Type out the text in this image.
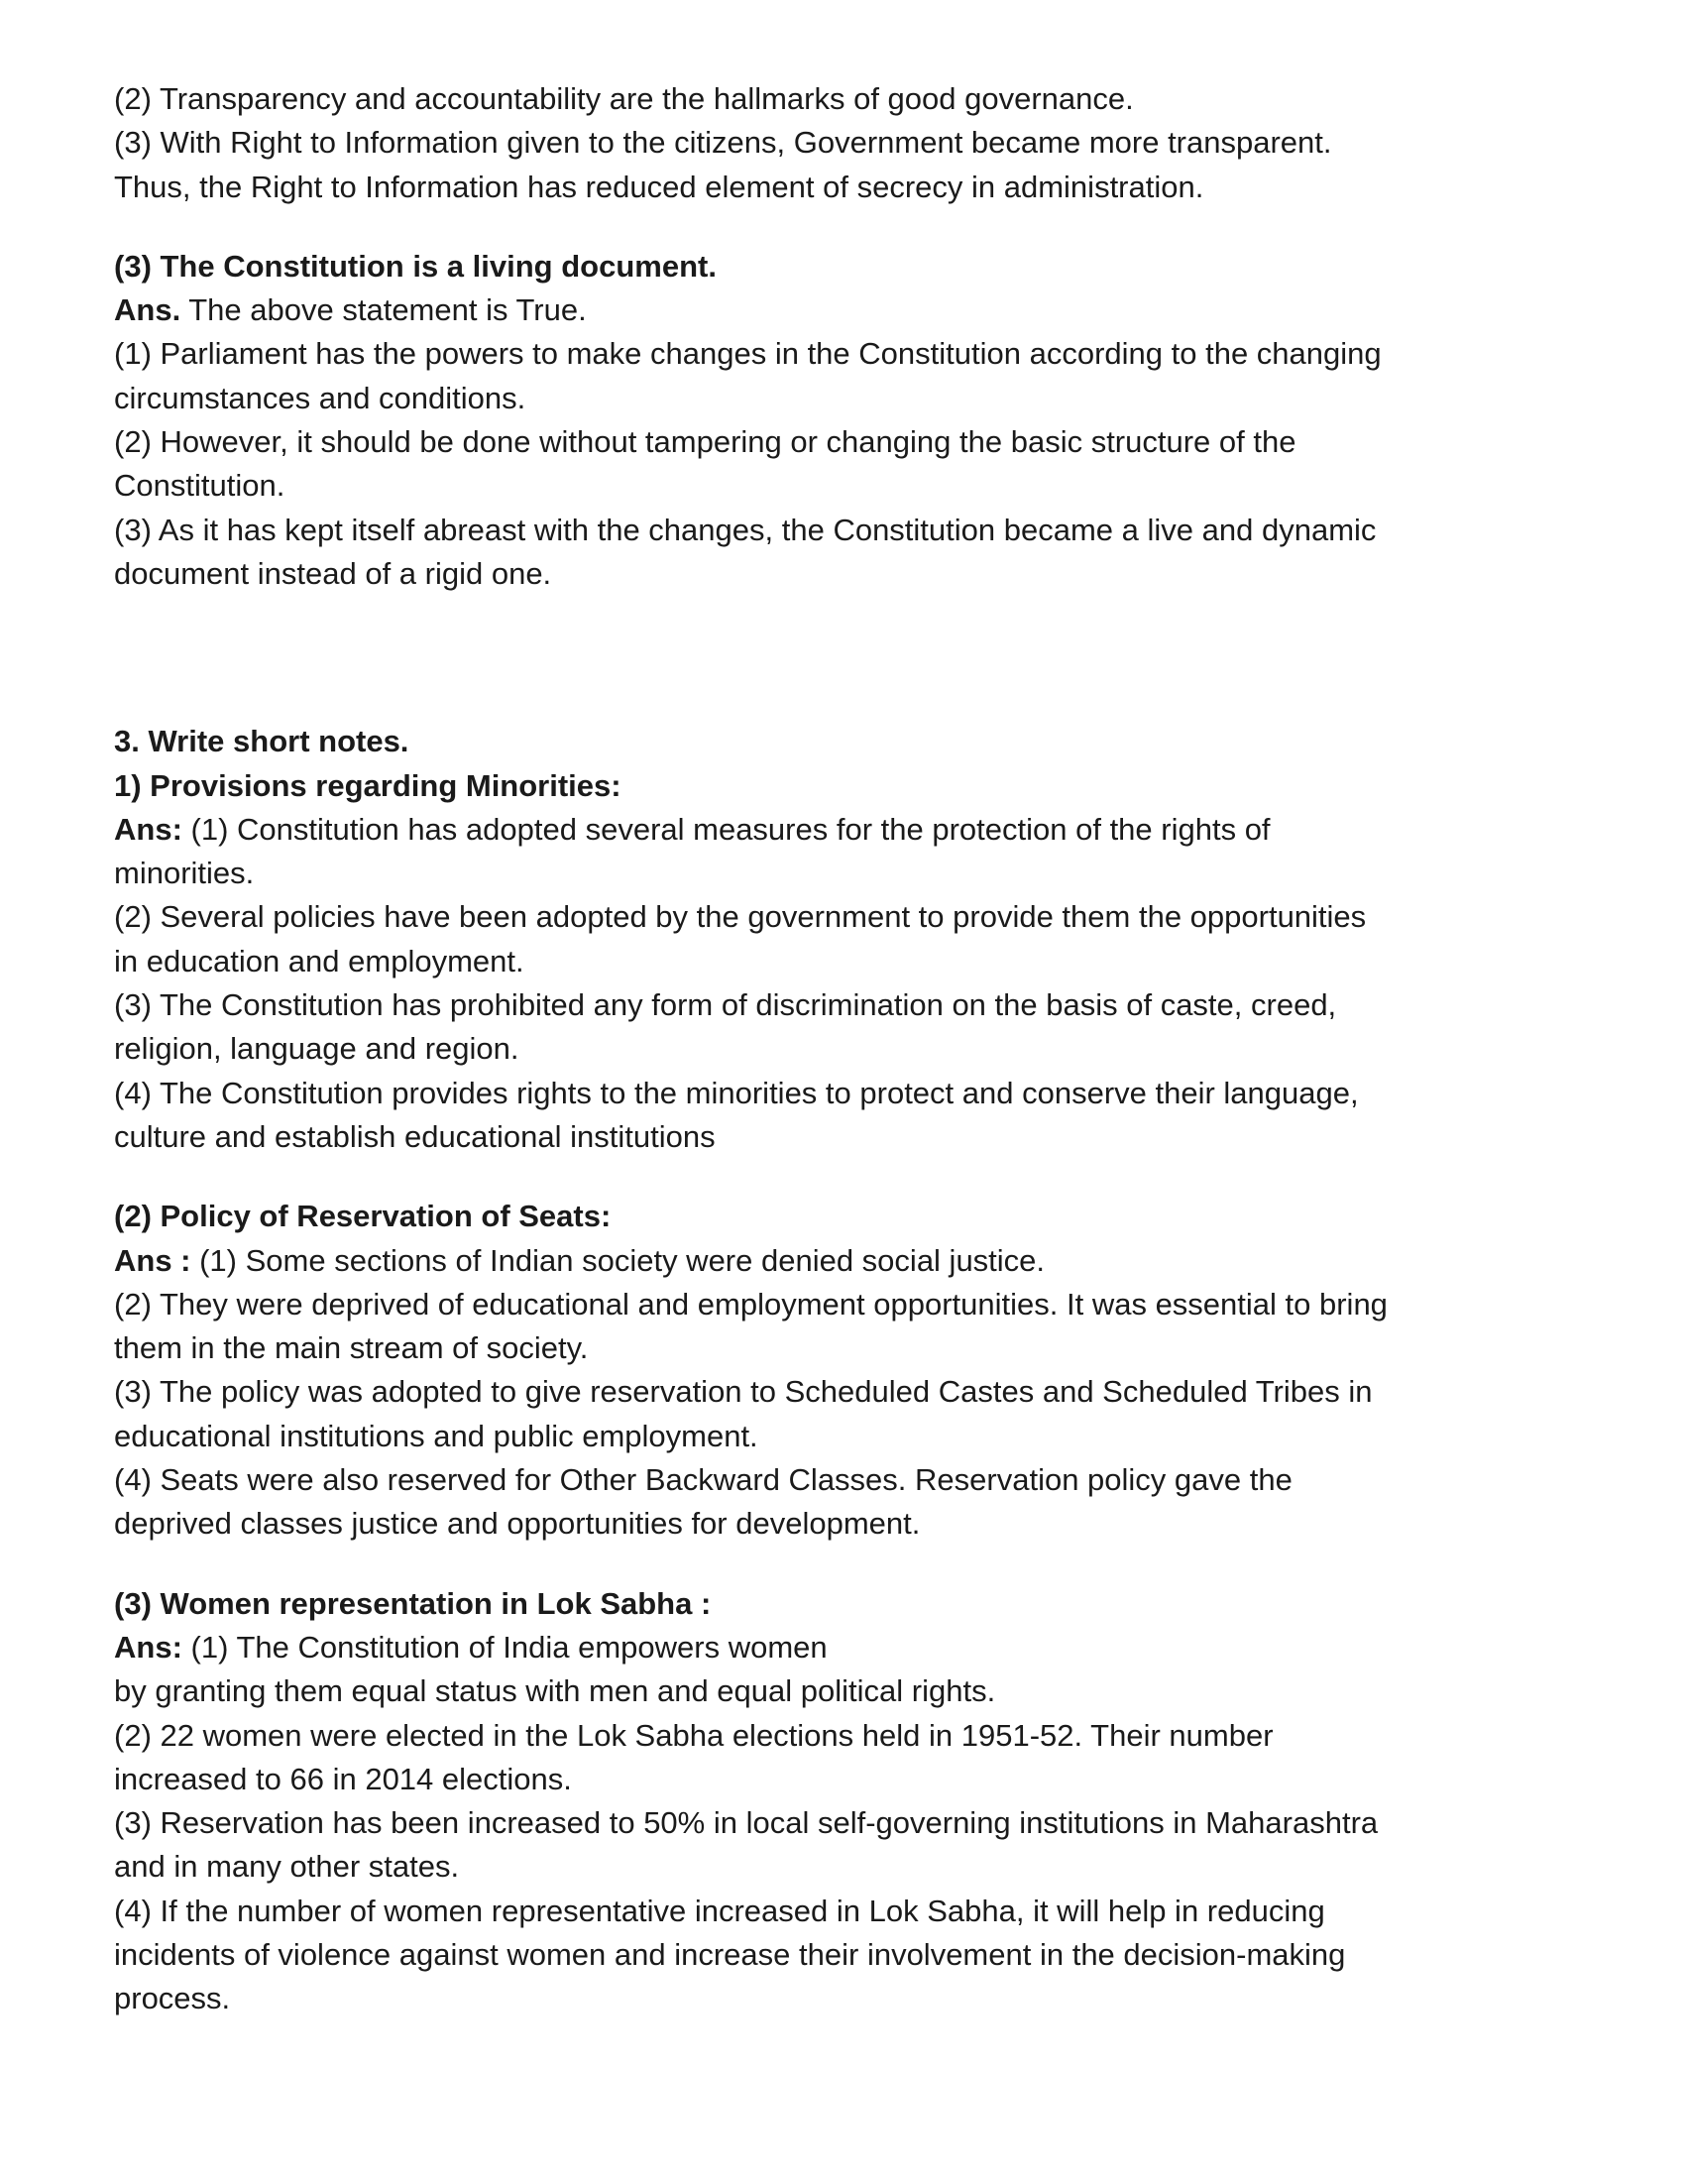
(2) Transparency and accountability are the hallmarks of good governance.
(3) With Right to Information given to the citizens, Government became more transparent.
Thus, the Right to Information has reduced element of secrecy in administration.
(3) The Constitution is a living document.
Ans. The above statement is True.
(1) Parliament has the powers to make changes in the Constitution according to the changing
circumstances and conditions.
(2) However, it should be done without tampering or changing the basic structure of the
Constitution.
(3) As it has kept itself abreast with the changes, the Constitution became a live and dynamic
document instead of a rigid one.
3. Write short notes.
1) Provisions regarding Minorities:
Ans: (1) Constitution has adopted several measures for the protection of the rights of
minorities.
(2) Several policies have been adopted by the government to provide them the opportunities
in education and employment.
(3) The Constitution has prohibited any form of discrimination on the basis of caste, creed,
religion, language and region.
(4) The Constitution provides rights to the minorities to protect and conserve their language,
culture and establish educational institutions
(2) Policy of Reservation of Seats:
Ans : (1) Some sections of Indian society were denied social justice.
(2) They were deprived of educational and employment opportunities. It was essential to bring
them in the main stream of society.
(3) The policy was adopted to give reservation to Scheduled Castes and Scheduled Tribes in
educational institutions and public employment.
(4) Seats were also reserved for Other Backward Classes. Reservation policy gave the
deprived classes justice and opportunities for development.
(3) Women representation in Lok Sabha :
Ans: (1) The Constitution of India empowers women
by granting them equal status with men and equal political rights.
(2) 22 women were elected in the Lok Sabha elections held in 1951-52. Their number
increased to 66 in 2014 elections.
(3) Reservation has been increased to 50% in local self-governing institutions in Maharashtra
and in many other states.
(4) If the number of women representative increased in Lok Sabha, it will help in reducing
incidents of violence against women and increase their involvement in the decision-making
process.
